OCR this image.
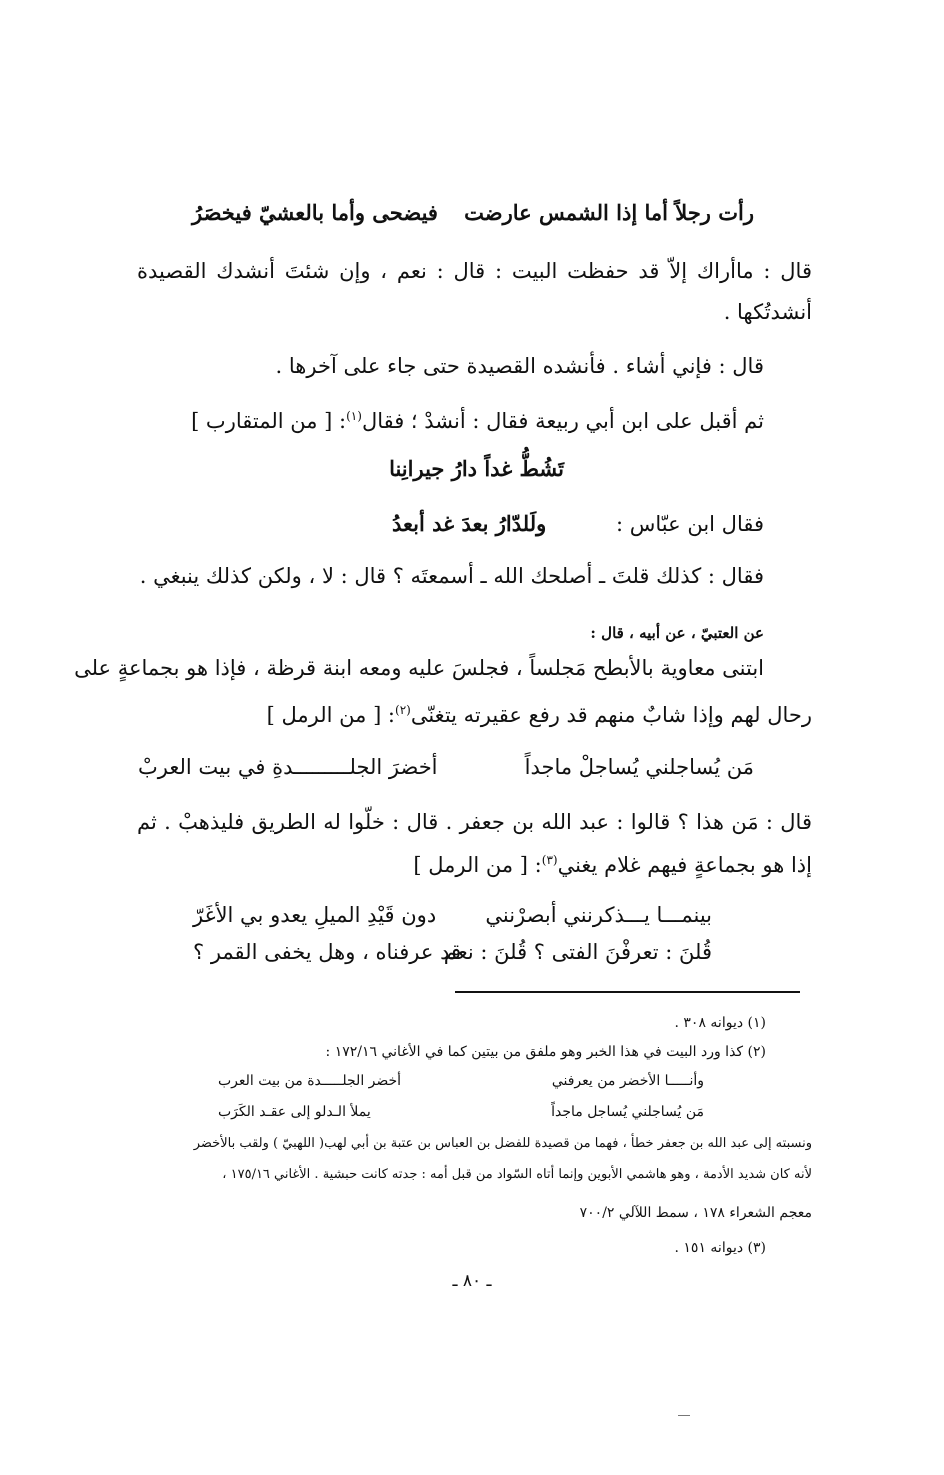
رأت رجلاً أما إذا الشمس عارضت
فيضحى وأما بالعشيّ فيخصَرُ
قال : ماأراك إلاّ قد حفظت البيت : قال : نعم ، وإن شئتَ أنشدك القصيدة
أنشدتُكها .
قال : فإني أشاء . فأنشده القصيدة حتى جاء على آخرها .
ثم أقبل على ابن أبي ربيعة فقال : أنشدْ ؛ فقال$^{(١)}$: [ من المتقارب ]
تَشُطُّ غداً دارُ جيرانِنا
فقال ابن عبّاس :
ولَلدّارُ بعدَ غد أبعدُ
فقال : كذلك قلتَ ـ أصلحك الله ـ أسمعتَه ؟ قال : لا ، ولكن كذلك ينبغي .
عن العتبيّ ، عن أبيه ، قال :
ابتنى معاوية بالأبطح مَجلساً ، فجلسَ عليه ومعه ابنة قرظة ، فإذا هو بجماعةٍ على
رحال لهم وإذا شابٌ منهم قد رفع عقيرته يتغنّى$^{(٢)}$: [ من الرمل ]
مَن يُساجلني يُساجلْ ماجداً
أخضرَ الجلـــــــــدةِ في بيت العربْ
قال : مَن هذا ؟ قالوا : عبد الله بن جعفر . قال : خلّوا له الطريق فليذهبْ . ثم
إذا هو بجماعةٍ فيهم غلام يغني$^{(٣)}$: [ من الرمل ]
بينمـــا يـــذكرنني أبصرْنني
دون قَيْدِ الميلِ يعدو بي الأغَرّ
قُلنَ : تعرفْنَ الفتى ؟ قُلنَ : نعم
قد عرفناه ، وهل يخفى القمر ؟
(١) ديوانه ٣٠٨ .
(٢) كذا ورد البيت في هذا الخبر وهو ملفق من بيتين كما في الأغاني ١٧٢/١٦ :
وأنـــــا الأخضر من يعرفني
أخضر الجلـــــدة من بيت العرب
مَن يُساجلني يُساجل ماجداً
يملأ الـدلو إلى عقـد الكَرَب
ونسبته إلى عبد الله بن جعفر خطأ ، فهما من قصيدة للفضل بن العباس بن عتبة بن أبي لهب( اللهبيّ ) ولقب بالأخضر
لأنه كان شديد الأدمة ، وهو هاشمي الأبوين وإنما أتاه السّواد من قبل أمه : جدته كانت حبشية . الأغاني ١٧٥/١٦ ،
معجم الشعراء ١٧٨ ، سمط اللآلي ٧٠٠/٢
(٣) ديوانه ١٥١ .
ـ ٨٠ ـ
